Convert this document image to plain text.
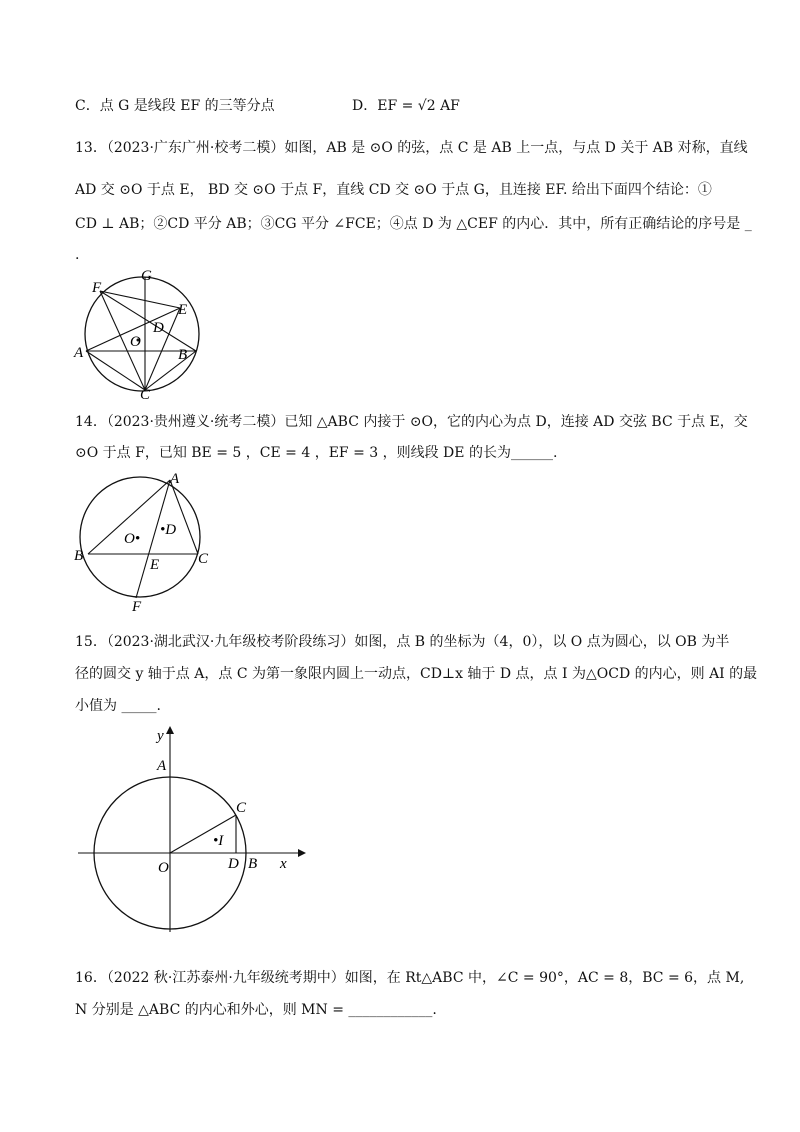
C．点 G 是线段 EF 的三等分点	D．EF = √2 AF
13．（2023·广东广州·校考二模）如图，AB 是 ⊙O 的弦，点 C 是 AB 上一点，与点 D 关于 AB 对称，直线
AD 交 ⊙O 于点 E， BD 交 ⊙O 于点 F，直线 CD 交 ⊙O 于点 G，且连接 EF. 给出下面四个结论：①
CD ⊥ AB；②CD 平分 AB；③CG 平分 ∠FCE；④点 D 为 △CEF 的内心．其中，所有正确结论的序号是 _
.
G
F
E
D
O
A	B
C
14．（2023·贵州遵义·统考二模）已知 △ABC 内接于 ⊙O，它的内心为点 D，连接 AD 交弦 BC 于点 E，交
⊙O 于点 F，已知 BE = 5 ，CE = 4 ，EF = 3 ，则线段 DE 的长为______.
A
O•
•D
B	C
E
F
15．（2023·湖北武汉·九年级校考阶段练习）如图，点 B 的坐标为（4，0），以 O 点为圆心，以 OB 为半
径的圆交 y 轴于点 A，点 C 为第一象限内圆上一动点，CD⊥x 轴于 D 点，点 I 为△OCD 的内心，则 AI 的最
小值为 _____.
y
x
A
C
•I
O	D B
16．（2022 秋·江苏泰州·九年级统考期中）如图，在 Rt△ABC 中，∠C = 90°，AC = 8，BC = 6，点 M,
N 分别是 △ABC 的内心和外心，则 MN = ____________.
